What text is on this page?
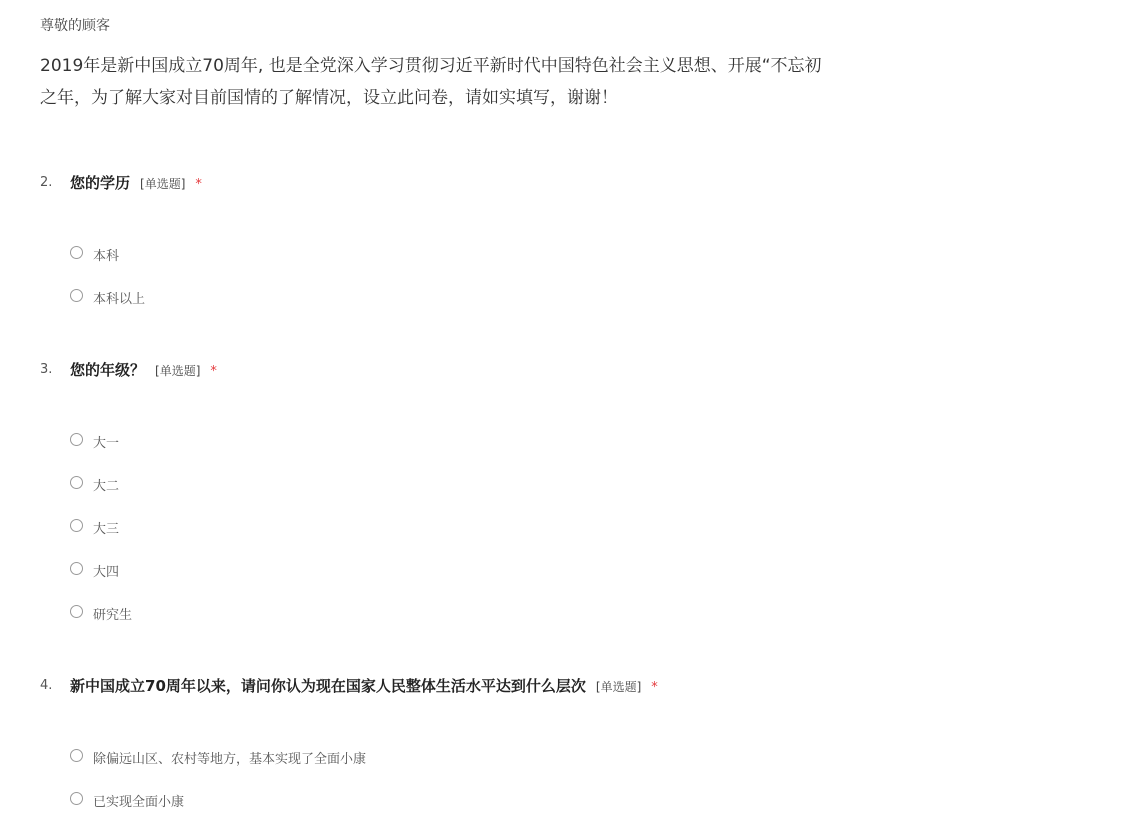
尊敬的顾客
2019年是新中国成立70周年, 也是全党深入学习贯彻习近平新时代中国特色社会主义思想、开展“不忘初
之年，为了解大家对目前国情的了解情况，设立此问卷，请如实填写，谢谢！
2. 您的学历 [单选题] *
本科
本科以上
3. 您的年级？ [单选题] *
大一
大二
大三
大四
研究生
4. 新中国成立70周年以来，请问你认为现在国家人民整体生活水平达到什么层次 [单选题] *
除偏远山区、农村等地方，基本实现了全面小康
已实现全面小康
